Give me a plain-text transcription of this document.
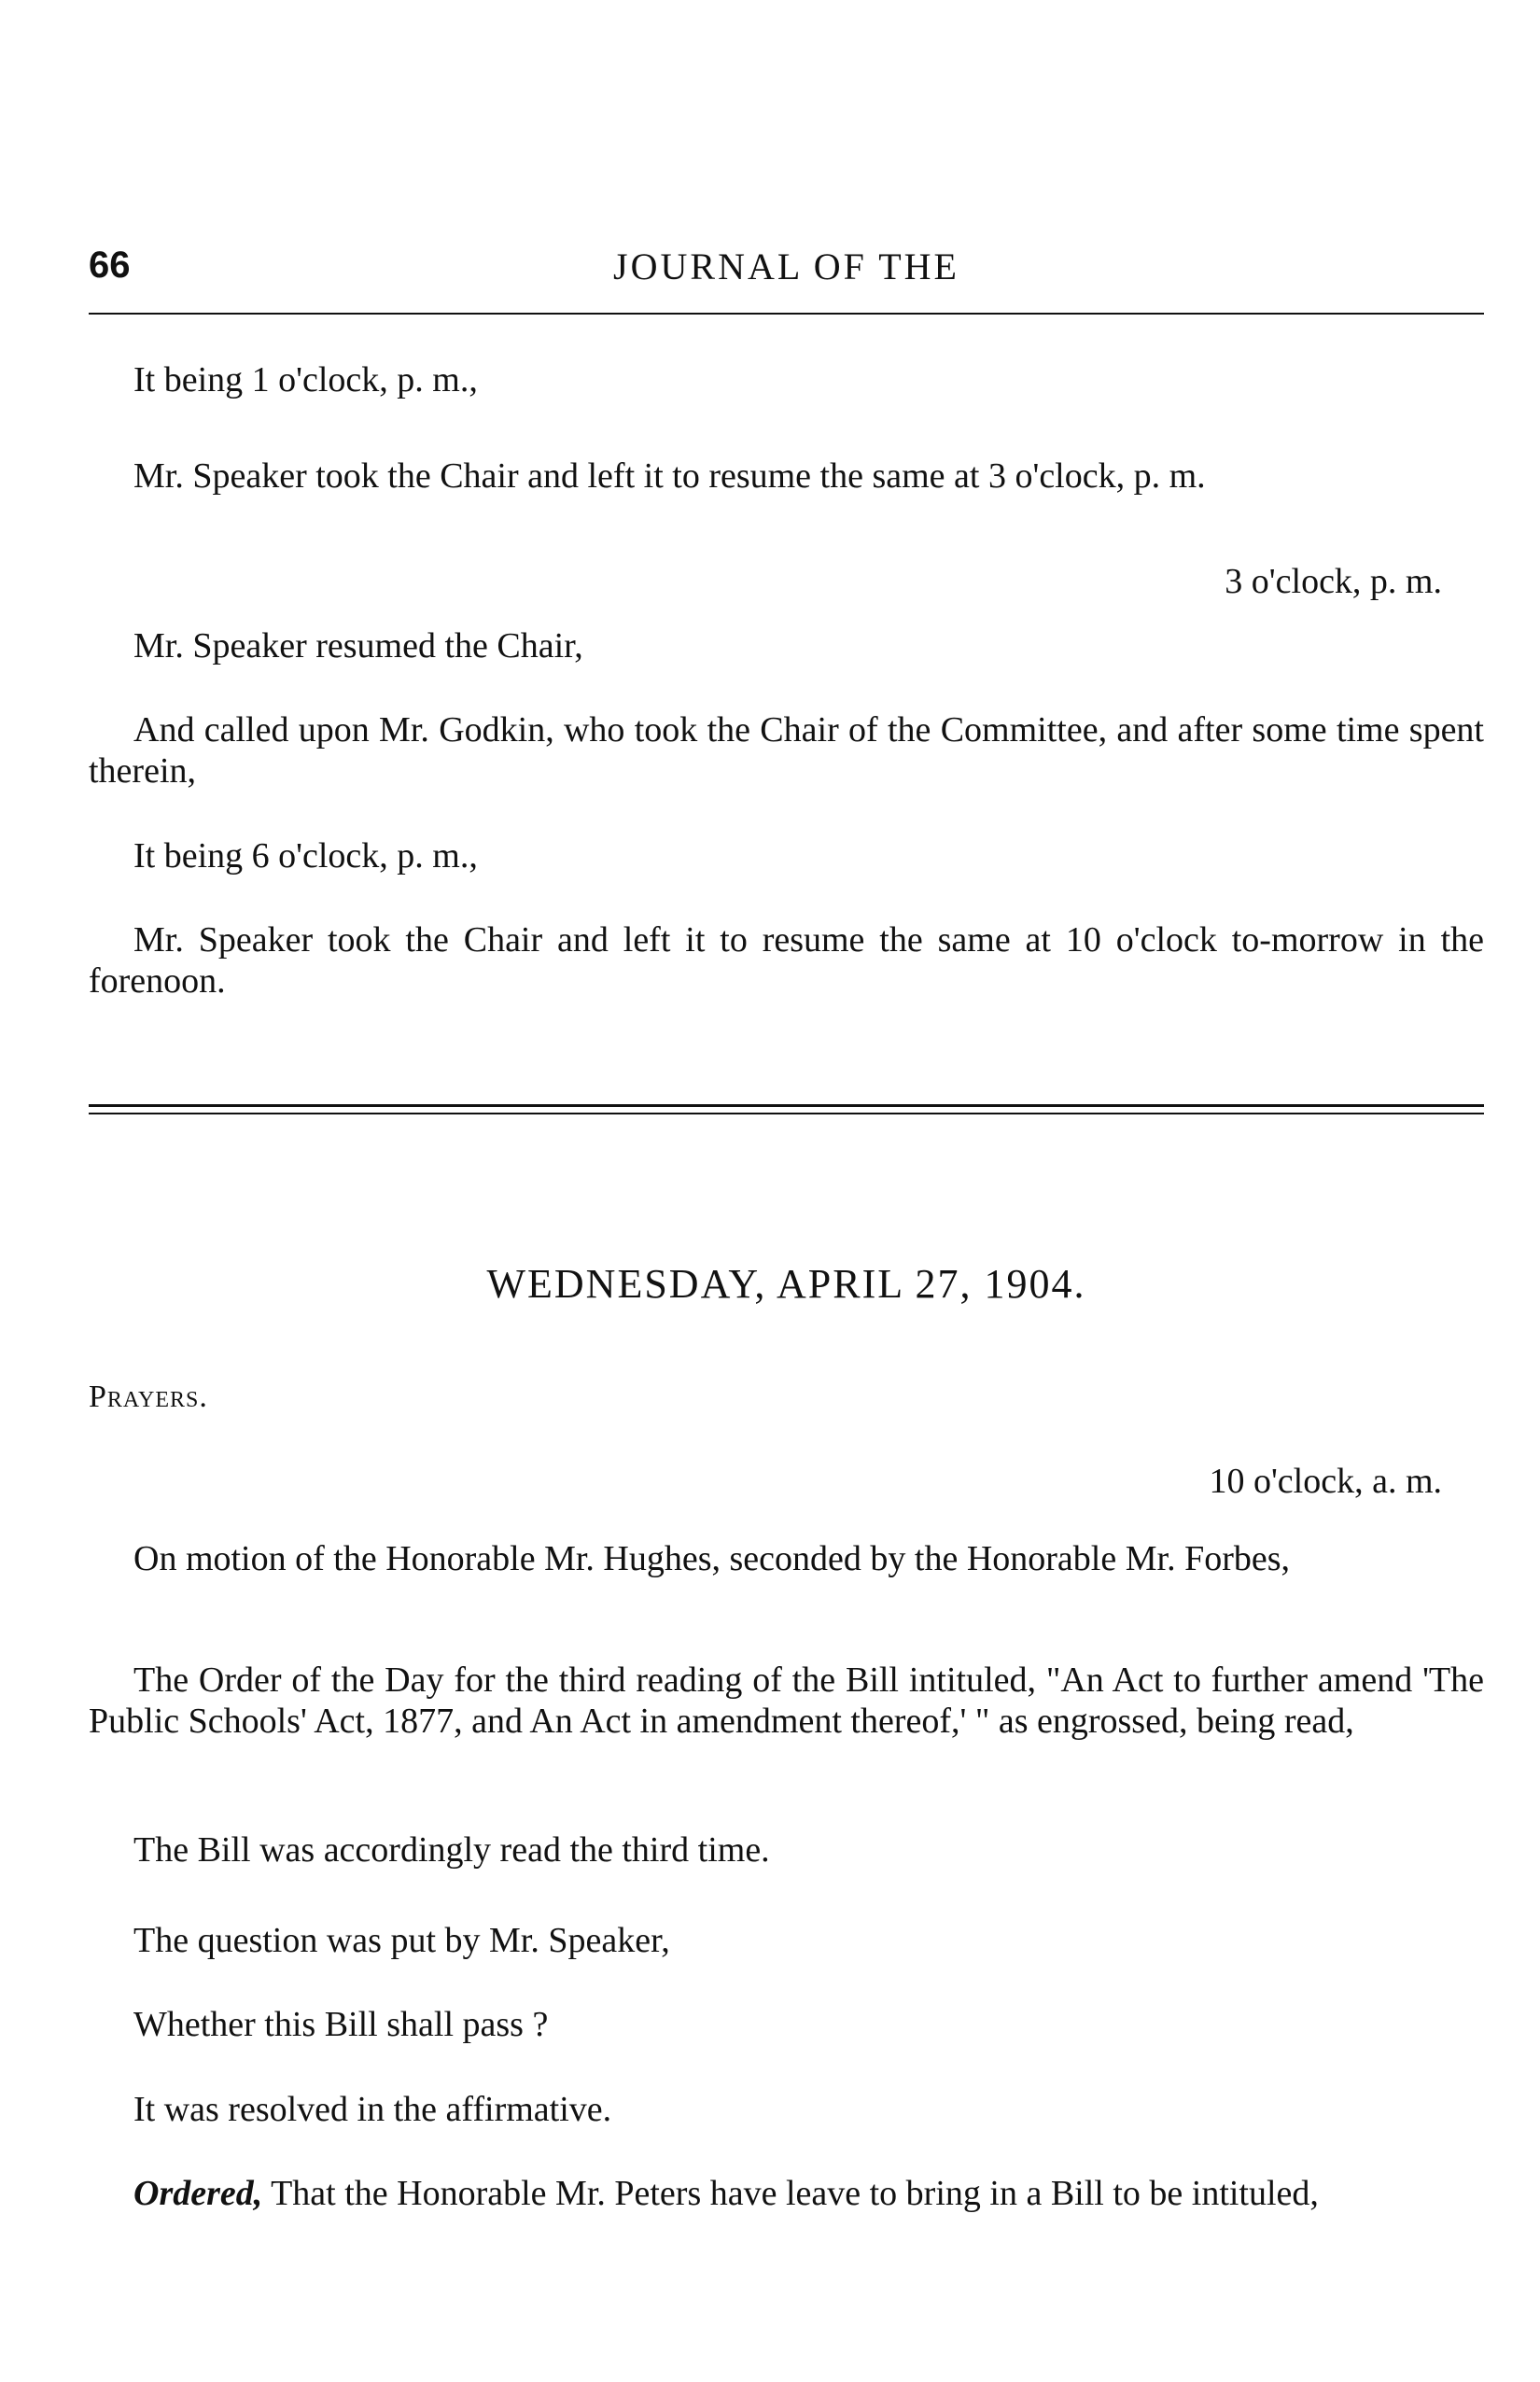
66	JOURNAL OF THE

It being 1 o'clock, p. m.,

Mr. Speaker took the Chair and left it to resume the same at 3 o'clock, p. m.

3 o'clock, p. m.

Mr. Speaker resumed the Chair,

And called upon Mr. Godkin, who took the Chair of the Committee, and after some time spent therein,

It being 6 o'clock, p. m.,

Mr. Speaker took the Chair and left it to resume the same at 10 o'clock to-morrow in the forenoon.

WEDNESDAY, APRIL 27, 1904.

Prayers.

10 o'clock, a. m.

On motion of the Honorable Mr. Hughes, seconded by the Honorable Mr. Forbes,

The Order of the Day for the third reading of the Bill intituled, "An Act to further amend 'The Public Schools' Act, 1877, and An Act in amendment thereof,' " as engrossed, being read,

The Bill was accordingly read the third time.

The question was put by Mr. Speaker,

Whether this Bill shall pass ?

It was resolved in the affirmative.

Ordered, That the Honorable Mr. Peters have leave to bring in a Bill to be intituled,
